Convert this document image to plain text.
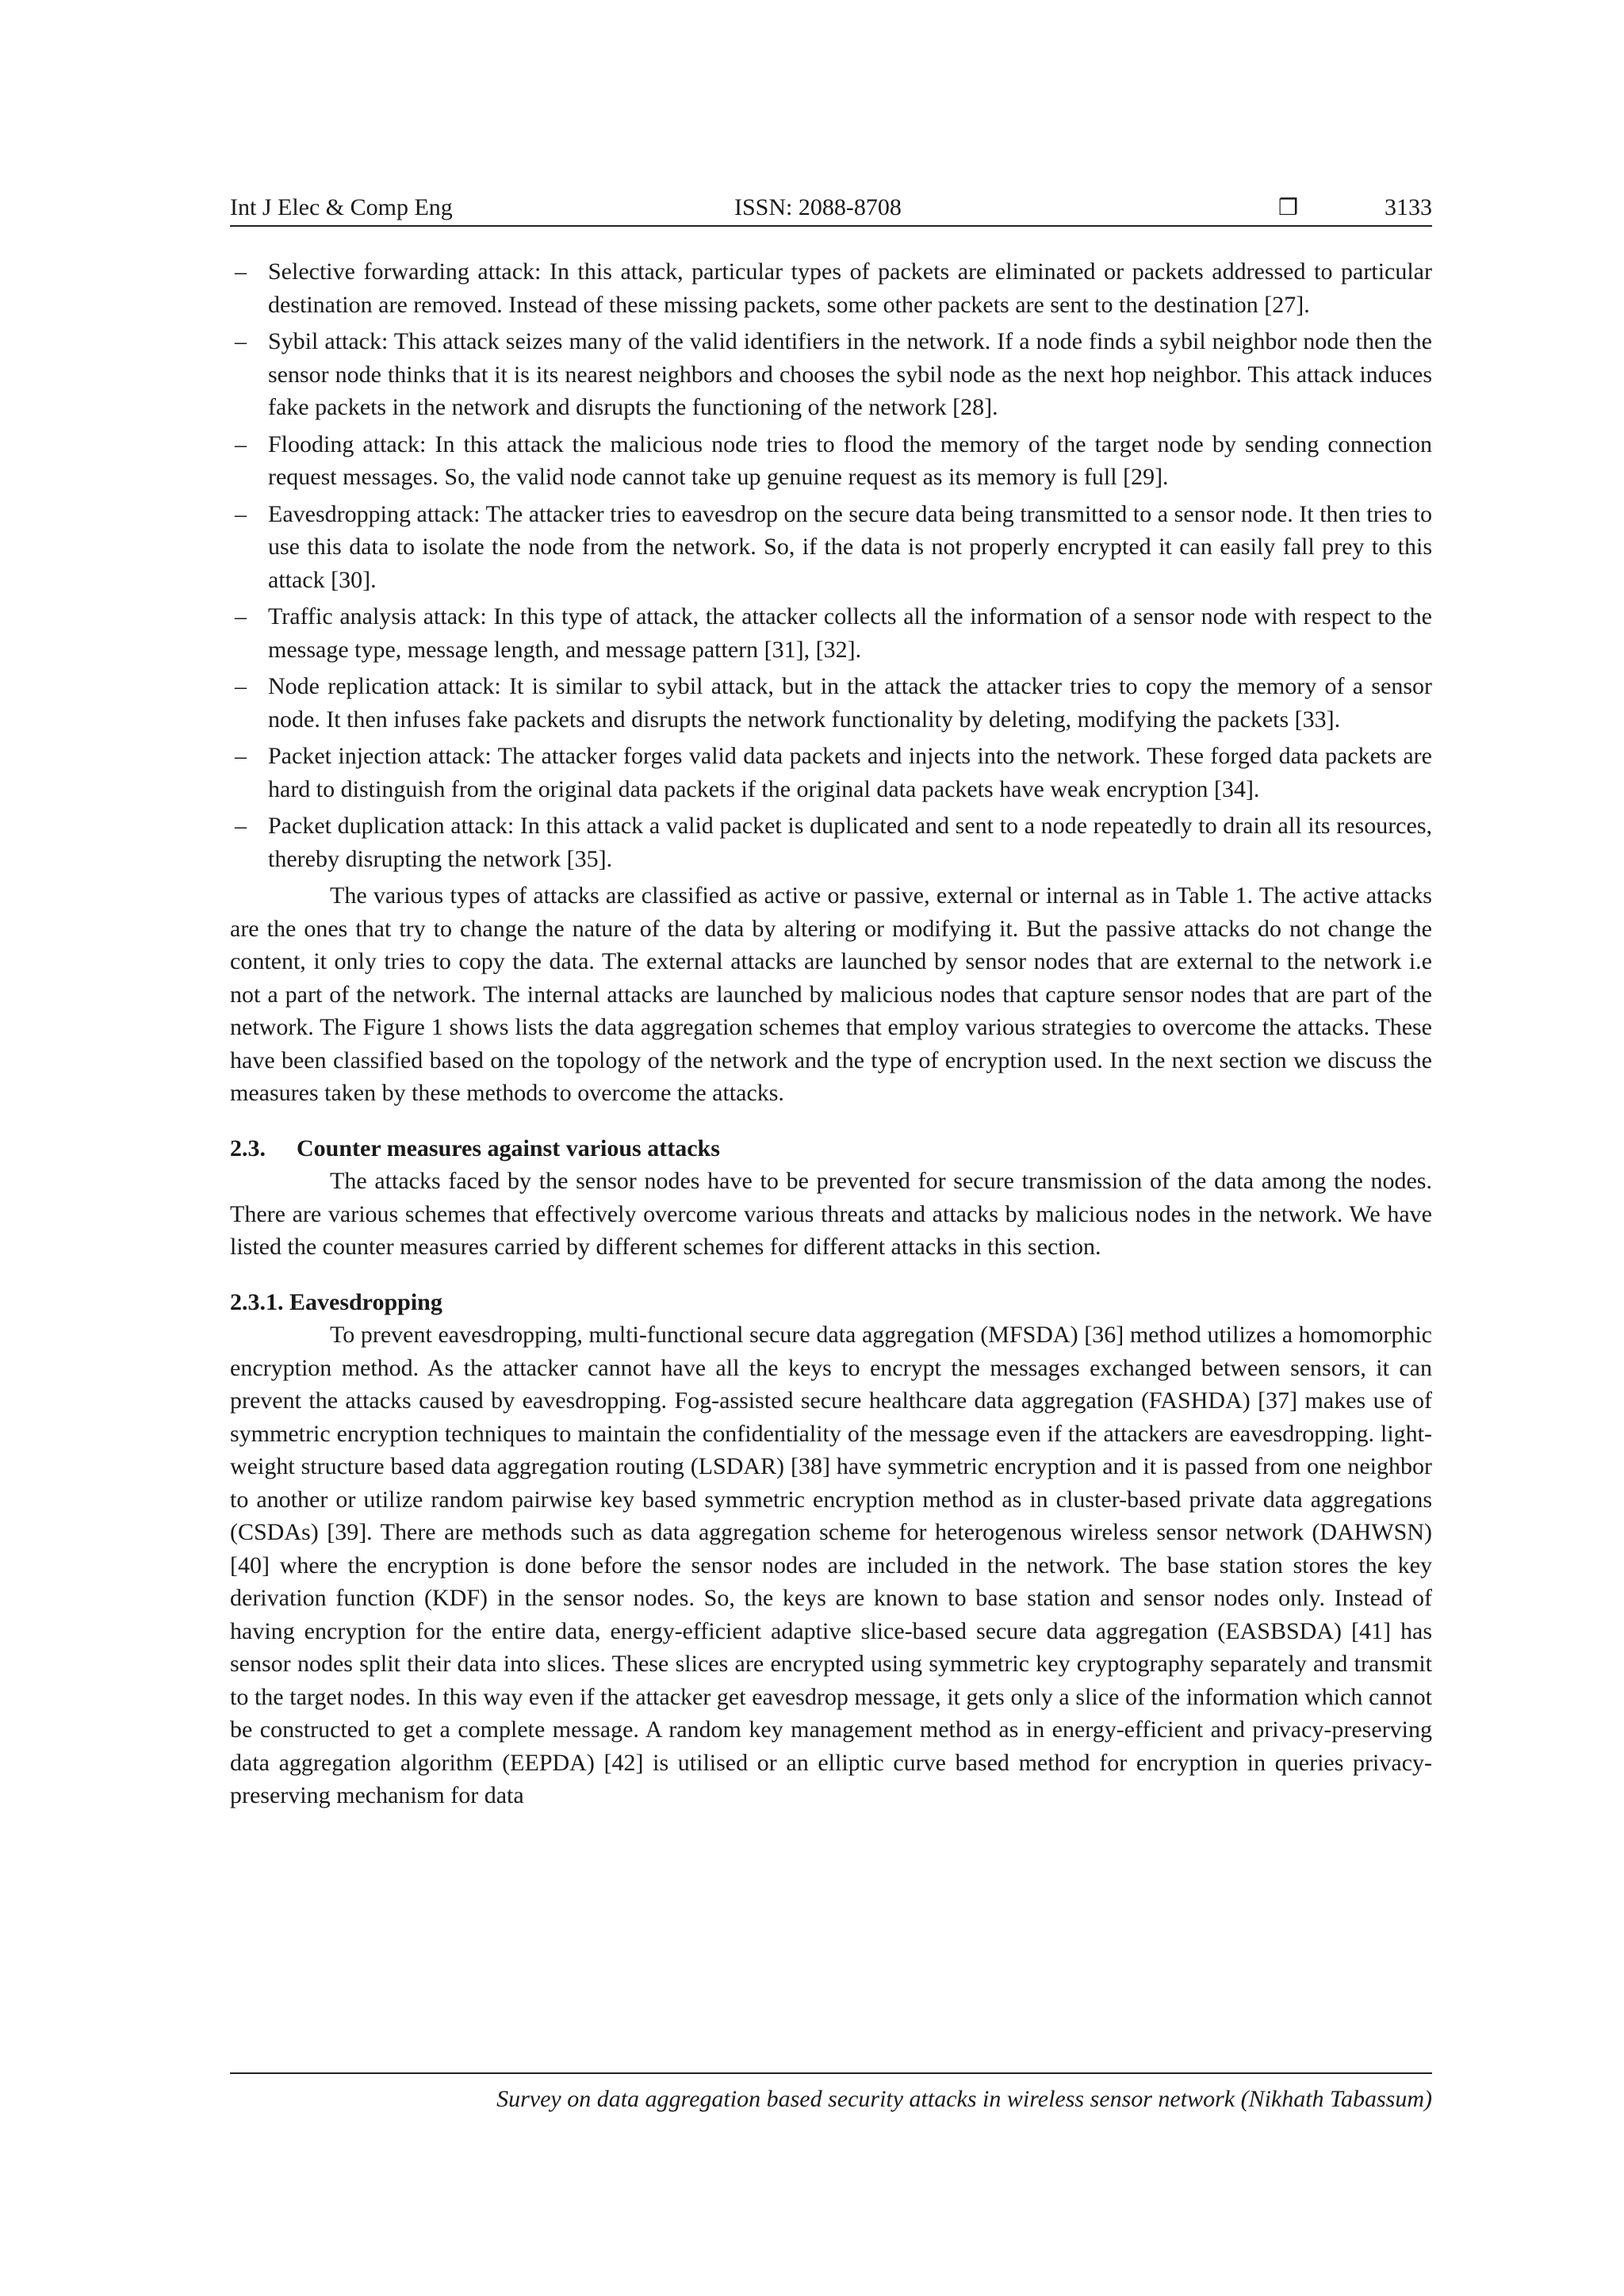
Int J Elec & Comp Eng	ISSN: 2088-8708	❒	3133
– Selective forwarding attack: In this attack, particular types of packets are eliminated or packets addressed to particular destination are removed. Instead of these missing packets, some other packets are sent to the destination [27].
– Sybil attack: This attack seizes many of the valid identifiers in the network. If a node finds a sybil neighbor node then the sensor node thinks that it is its nearest neighbors and chooses the sybil node as the next hop neighbor. This attack induces fake packets in the network and disrupts the functioning of the network [28].
– Flooding attack: In this attack the malicious node tries to flood the memory of the target node by sending connection request messages. So, the valid node cannot take up genuine request as its memory is full [29].
– Eavesdropping attack: The attacker tries to eavesdrop on the secure data being transmitted to a sensor node. It then tries to use this data to isolate the node from the network. So, if the data is not properly encrypted it can easily fall prey to this attack [30].
– Traffic analysis attack: In this type of attack, the attacker collects all the information of a sensor node with respect to the message type, message length, and message pattern [31], [32].
– Node replication attack: It is similar to sybil attack, but in the attack the attacker tries to copy the memory of a sensor node. It then infuses fake packets and disrupts the network functionality by deleting, modifying the packets [33].
– Packet injection attack: The attacker forges valid data packets and injects into the network. These forged data packets are hard to distinguish from the original data packets if the original data packets have weak encryption [34].
– Packet duplication attack: In this attack a valid packet is duplicated and sent to a node repeatedly to drain all its resources, thereby disrupting the network [35].

The various types of attacks are classified as active or passive, external or internal as in Table 1. The active attacks are the ones that try to change the nature of the data by altering or modifying it. But the passive attacks do not change the content, it only tries to copy the data. The external attacks are launched by sensor nodes that are external to the network i.e not a part of the network. The internal attacks are launched by malicious nodes that capture sensor nodes that are part of the network. The Figure 1 shows lists the data aggregation schemes that employ various strategies to overcome the attacks. These have been classified based on the topology of the network and the type of encryption used. In the next section we discuss the measures taken by these methods to overcome the attacks.

2.3. Counter measures against various attacks

The attacks faced by the sensor nodes have to be prevented for secure transmission of the data among the nodes. There are various schemes that effectively overcome various threats and attacks by malicious nodes in the network. We have listed the counter measures carried by different schemes for different attacks in this section.

2.3.1. Eavesdropping

To prevent eavesdropping, multi-functional secure data aggregation (MFSDA) [36] method utilizes a homomorphic encryption method. As the attacker cannot have all the keys to encrypt the messages exchanged between sensors, it can prevent the attacks caused by eavesdropping. Fog-assisted secure healthcare data aggregation (FASHDA) [37] makes use of symmetric encryption techniques to maintain the confidentiality of the message even if the attackers are eavesdropping. light-weight structure based data aggregation routing (LSDAR) [38] have symmetric encryption and it is passed from one neighbor to another or utilize random pairwise key based symmetric encryption method as in cluster-based private data aggregations (CSDAs) [39]. There are methods such as data aggregation scheme for heterogenous wireless sensor network (DAHWSN) [40] where the encryption is done before the sensor nodes are included in the network. The base station stores the key derivation function (KDF) in the sensor nodes. So, the keys are known to base station and sensor nodes only. Instead of having encryption for the entire data, energy-efficient adaptive slice-based secure data aggregation (EASBSDA) [41] has sensor nodes split their data into slices. These slices are encrypted using symmetric key cryptography separately and transmit to the target nodes. In this way even if the attacker get eavesdrop message, it gets only a slice of the information which cannot be constructed to get a complete message. A random key management method as in energy-efficient and privacy-preserving data aggregation algorithm (EEPDA) [42] is utilised or an elliptic curve based method for encryption in queries privacy-preserving mechanism for data

Survey on data aggregation based security attacks in wireless sensor network (Nikhath Tabassum)
